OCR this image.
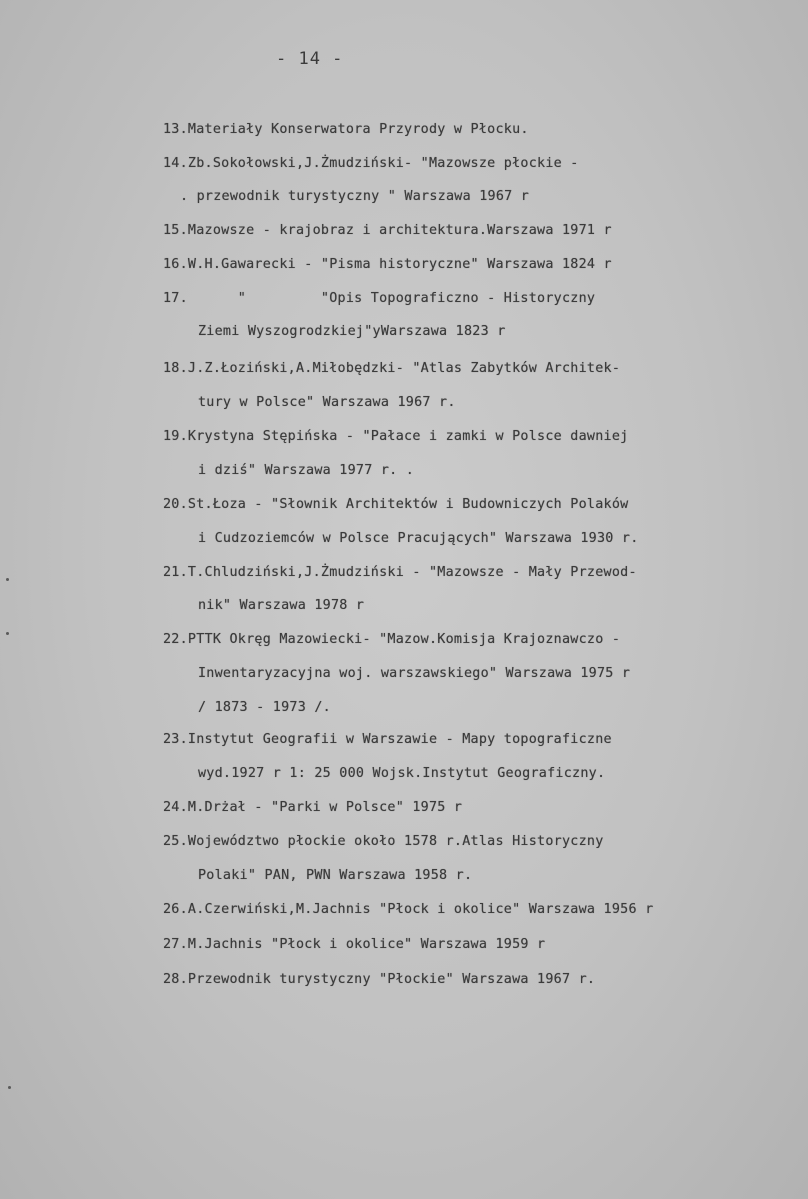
- 14 -
13.Materiały Konserwatora Przyrody w Płocku.
14.Zb.Sokołowski,J.Żmudziński- "Mazowsze płockie -
. przewodnik turystyczny " Warszawa 1967 r
15.Mazowsze - krajobraz i architektura.Warszawa 1971 r
16.W.H.Gawarecki - "Pisma historyczne" Warszawa 1824 r
17.      "         "Opis Topograficzno - Historyczny
Ziemi Wyszogrodzkiej"yWarszawa 1823 r
18.J.Z.Łoziński,A.Miłobędzki- "Atlas Zabytków Architek-
tury w Polsce" Warszawa 1967 r.
19.Krystyna Stępińska - "Pałace i zamki w Polsce dawniej
i dziś" Warszawa 1977 r. .
20.St.Łoza - "Słownik Architektów i Budowniczych Polaków
i Cudzoziemców w Polsce Pracujących" Warszawa 1930 r.
21.T.Chludziński,J.Żmudziński - "Mazowsze - Mały Przewod-
nik" Warszawa 1978 r
22.PTTK Okręg Mazowiecki- "Mazow.Komisja Krajoznawczo -
Inwentaryzacyjna woj. warszawskiego" Warszawa 1975 r
/ 1873 - 1973 /.
23.Instytut Geografii w Warszawie - Mapy topograficzne
wyd.1927 r 1: 25 000 Wojsk.Instytut Geograficzny.
24.M.Drżał - "Parki w Polsce" 1975 r
25.Województwo płockie około 1578 r.Atlas Historyczny
Polaki" PAN, PWN Warszawa 1958 r.
26.A.Czerwiński,M.Jachnis "Płock i okolice" Warszawa 1956 r
27.M.Jachnis "Płock i okolice" Warszawa 1959 r
28.Przewodnik turystyczny "Płockie" Warszawa 1967 r.
